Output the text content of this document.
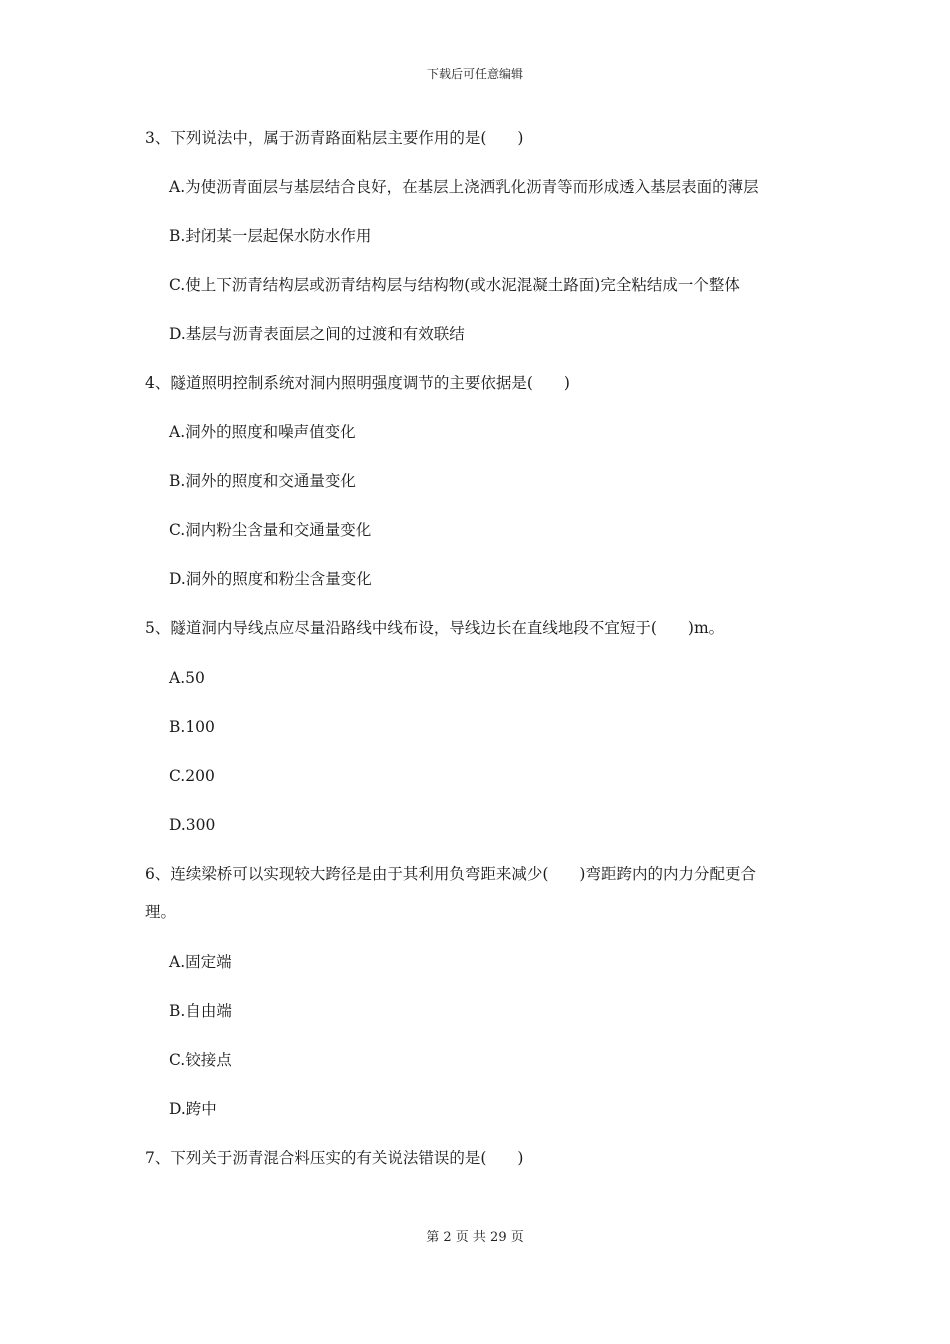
下载后可任意编辑
3、下列说法中，属于沥青路面粘层主要作用的是(　　)
A.为使沥青面层与基层结合良好，在基层上浇洒乳化沥青等而形成透入基层表面的薄层
B.封闭某一层起保水防水作用
C.使上下沥青结构层或沥青结构层与结构物(或水泥混凝土路面)完全粘结成一个整体
D.基层与沥青表面层之间的过渡和有效联结
4、隧道照明控制系统对洞内照明强度调节的主要依据是(　　)
A.洞外的照度和噪声值变化
B.洞外的照度和交通量变化
C.洞内粉尘含量和交通量变化
D.洞外的照度和粉尘含量变化
5、隧道洞内导线点应尽量沿路线中线布设，导线边长在直线地段不宜短于(　　)m。
A.50
B.100
C.200
D.300
6、连续梁桥可以实现较大跨径是由于其利用负弯距来减少(　　)弯距跨内的内力分配更合
理。
A.固定端
B.自由端
C.铰接点
D.跨中
7、下列关于沥青混合料压实的有关说法错误的是(　　)
第 2 页 共 29 页
